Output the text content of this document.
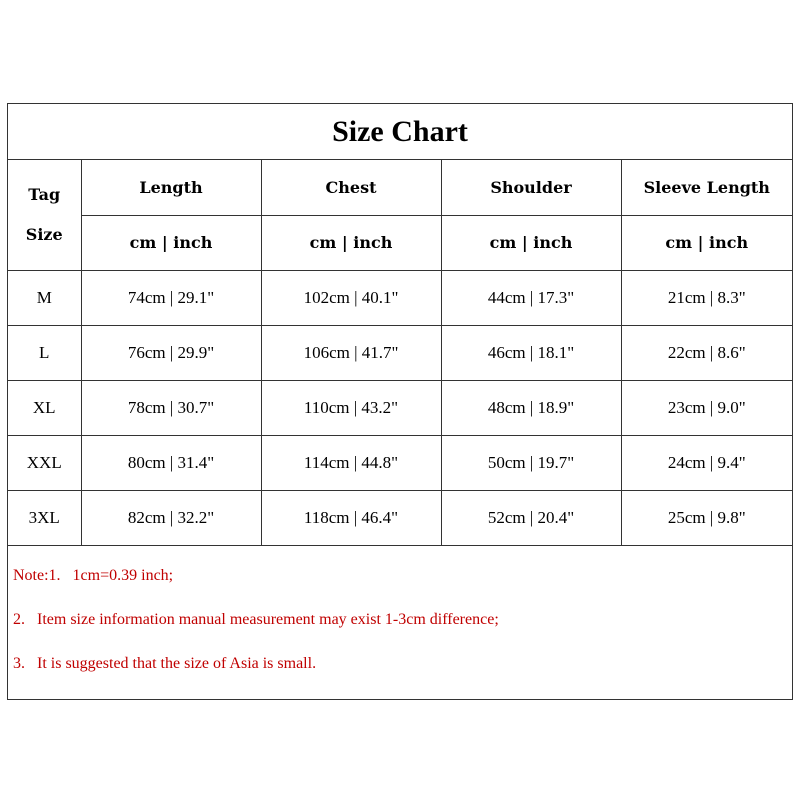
Size Chart
Tag
Size	Length	Chest	Shoulder	Sleeve Length
	cm | inch	cm | inch	cm | inch	cm | inch
M	74cm | 29.1"	102cm | 40.1"	44cm | 17.3"	21cm | 8.3"
L	76cm | 29.9"	106cm | 41.7"	46cm | 18.1"	22cm | 8.6"
XL	78cm | 30.7"	110cm | 43.2"	48cm | 18.9"	23cm | 9.0"
XXL	80cm | 31.4"	114cm | 44.8"	50cm | 19.7"	24cm | 9.4"
3XL	82cm | 32.2"	118cm | 46.4"	52cm | 20.4"	25cm | 9.8"
Note:1. 1cm=0.39 inch;
2. Item size information manual measurement may exist 1-3cm difference;
3. It is suggested that the size of Asia is small.
